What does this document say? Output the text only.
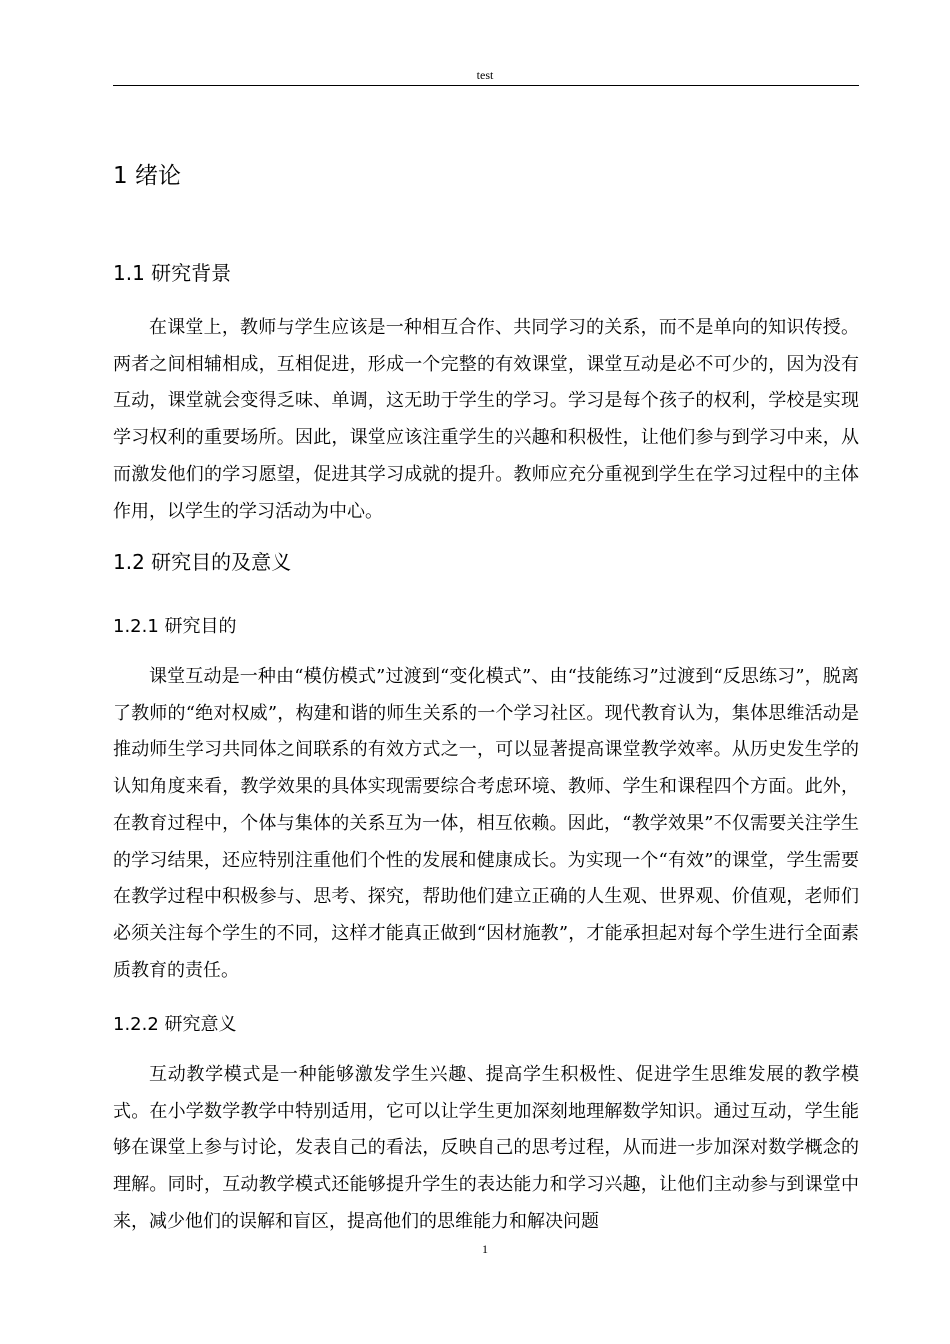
test
1 绪论
1.1 研究背景

在课堂上，教师与学生应该是一种相互合作、共同学习的关系，而不是单向的知识传授。两者之间相辅相成，互相促进，形成一个完整的有效课堂，课堂互动是必不可少的，因为没有互动，课堂就会变得乏味、单调，这无助于学生的学习。学习是每个孩子的权利，学校是实现学习权利的重要场所。因此，课堂应该注重学生的兴趣和积极性，让他们参与到学习中来，从而激发他们的学习愿望，促进其学习成就的提升。教师应充分重视到学生在学习过程中的主体作用，以学生的学习活动为中心。

1.2 研究目的及意义
1.2.1 研究目的

课堂互动是一种由“模仿模式”过渡到“变化模式”、由“技能练习”过渡到“反思练习”，脱离了教师的“绝对权威”，构建和谐的师生关系的一个学习社区。现代教育认为，集体思维活动是推动师生学习共同体之间联系的有效方式之一，可以显著提高课堂教学效率。从历史发生学的认知角度来看，教学效果的具体实现需要综合考虑环境、教师、学生和课程四个方面。此外，在教育过程中，个体与集体的关系互为一体，相互依赖。因此，“教学效果”不仅需要关注学生的学习结果，还应特别注重他们个性的发展和健康成长。为实现一个“有效”的课堂，学生需要在教学过程中积极参与、思考、探究，帮助他们建立正确的人生观、世界观、价值观，老师们必须关注每个学生的不同，这样才能真正做到“因材施教”，才能承担起对每个学生进行全面素质教育的责任。

1.2.2 研究意义

互动教学模式是一种能够激发学生兴趣、提高学生积极性、促进学生思维发展的教学模式。在小学数学教学中特别适用，它可以让学生更加深刻地理解数学知识。通过互动，学生能够在课堂上参与讨论，发表自己的看法，反映自己的思考过程，从而进一步加深对数学概念的理解。同时，互动教学模式还能够提升学生的表达能力和学习兴趣，让他们主动参与到课堂中来，减少他们的误解和盲区，提高他们的思维能力和解决问题

1
